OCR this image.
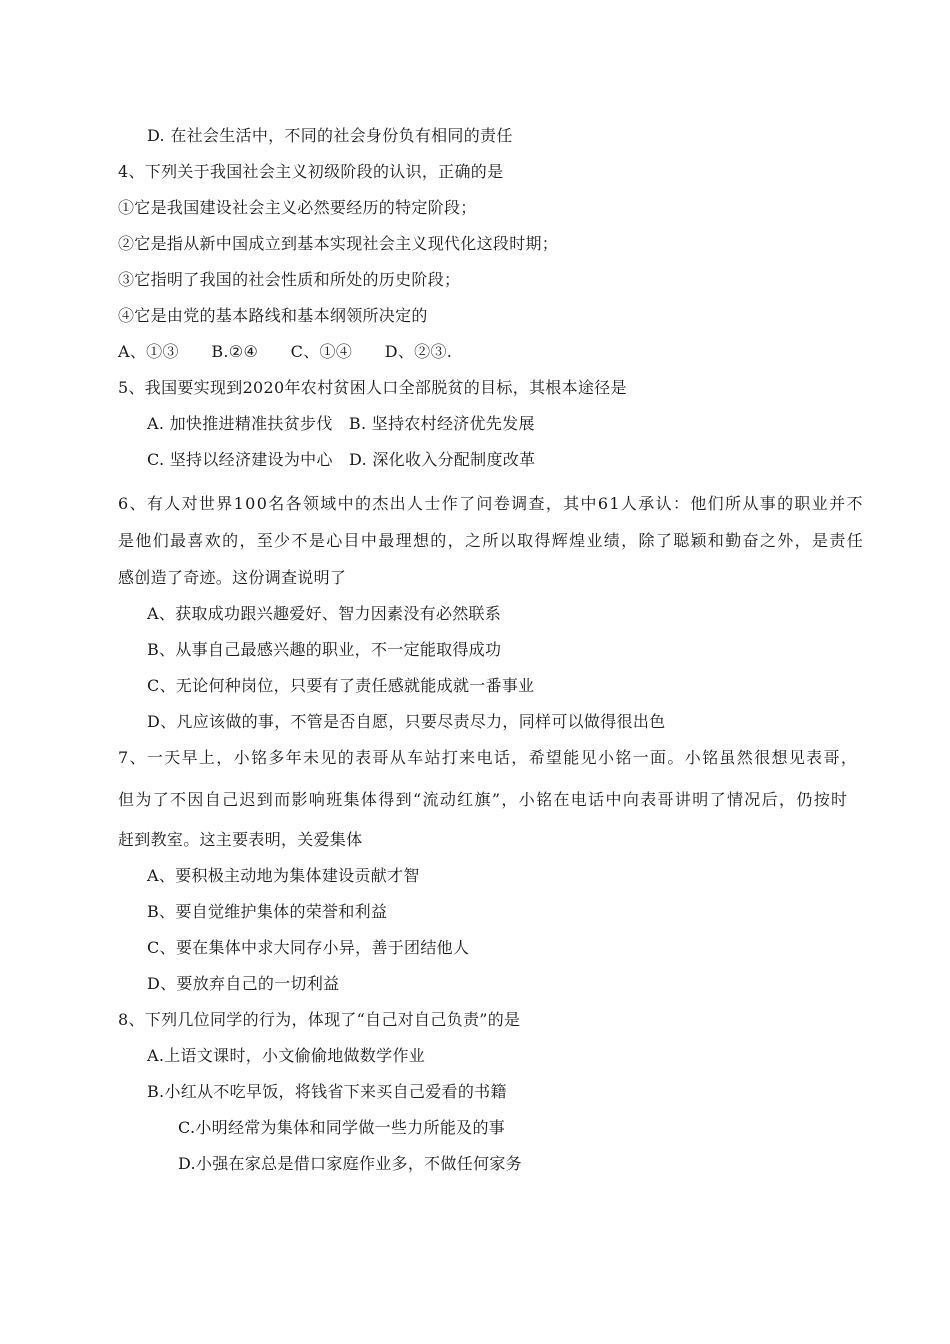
D. 在社会生活中，不同的社会身份负有相同的责任
4、下列关于我国社会主义初级阶段的认识，正确的是
①它是我国建设社会主义必然要经历的特定阶段；
②它是指从新中国成立到基本实现社会主义现代化这段时期；
③它指明了我国的社会性质和所处的历史阶段；
④它是由党的基本路线和基本纲领所决定的
A、①③　　B.②④　　C、①④　　D、②③.
5、我国要实现到2020年农村贫困人口全部脱贫的目标，其根本途径是
A. 加快推进精准扶贫步伐　B. 坚持农村经济优先发展
C. 坚持以经济建设为中心　D. 深化收入分配制度改革
6、有人对世界100名各领域中的杰出人士作了问卷调查，其中61人承认：他们所从事的职业并不
是他们最喜欢的，至少不是心目中最理想的，之所以取得辉煌业绩，除了聪颖和勤奋之外，是责任
感创造了奇迹。这份调查说明了
A、获取成功跟兴趣爱好、智力因素没有必然联系
B、从事自己最感兴趣的职业，不一定能取得成功
C、无论何种岗位，只要有了责任感就能成就一番事业
D、凡应该做的事，不管是否自愿，只要尽责尽力，同样可以做得很出色
7、一天早上，小铭多年未见的表哥从车站打来电话，希望能见小铭一面。小铭虽然很想见表哥，
但为了不因自己迟到而影响班集体得到“流动红旗”，小铭在电话中向表哥讲明了情况后，仍按时
赶到教室。这主要表明，关爱集体
A、要积极主动地为集体建设贡献才智
B、要自觉维护集体的荣誉和利益
C、要在集体中求大同存小异，善于团结他人
D、要放弃自己的一切利益
8、下列几位同学的行为，体现了“自己对自己负责”的是
A.上语文课时，小文偷偷地做数学作业
B.小红从不吃早饭，将钱省下来买自己爱看的书籍
C.小明经常为集体和同学做一些力所能及的事
D.小强在家总是借口家庭作业多，不做任何家务
